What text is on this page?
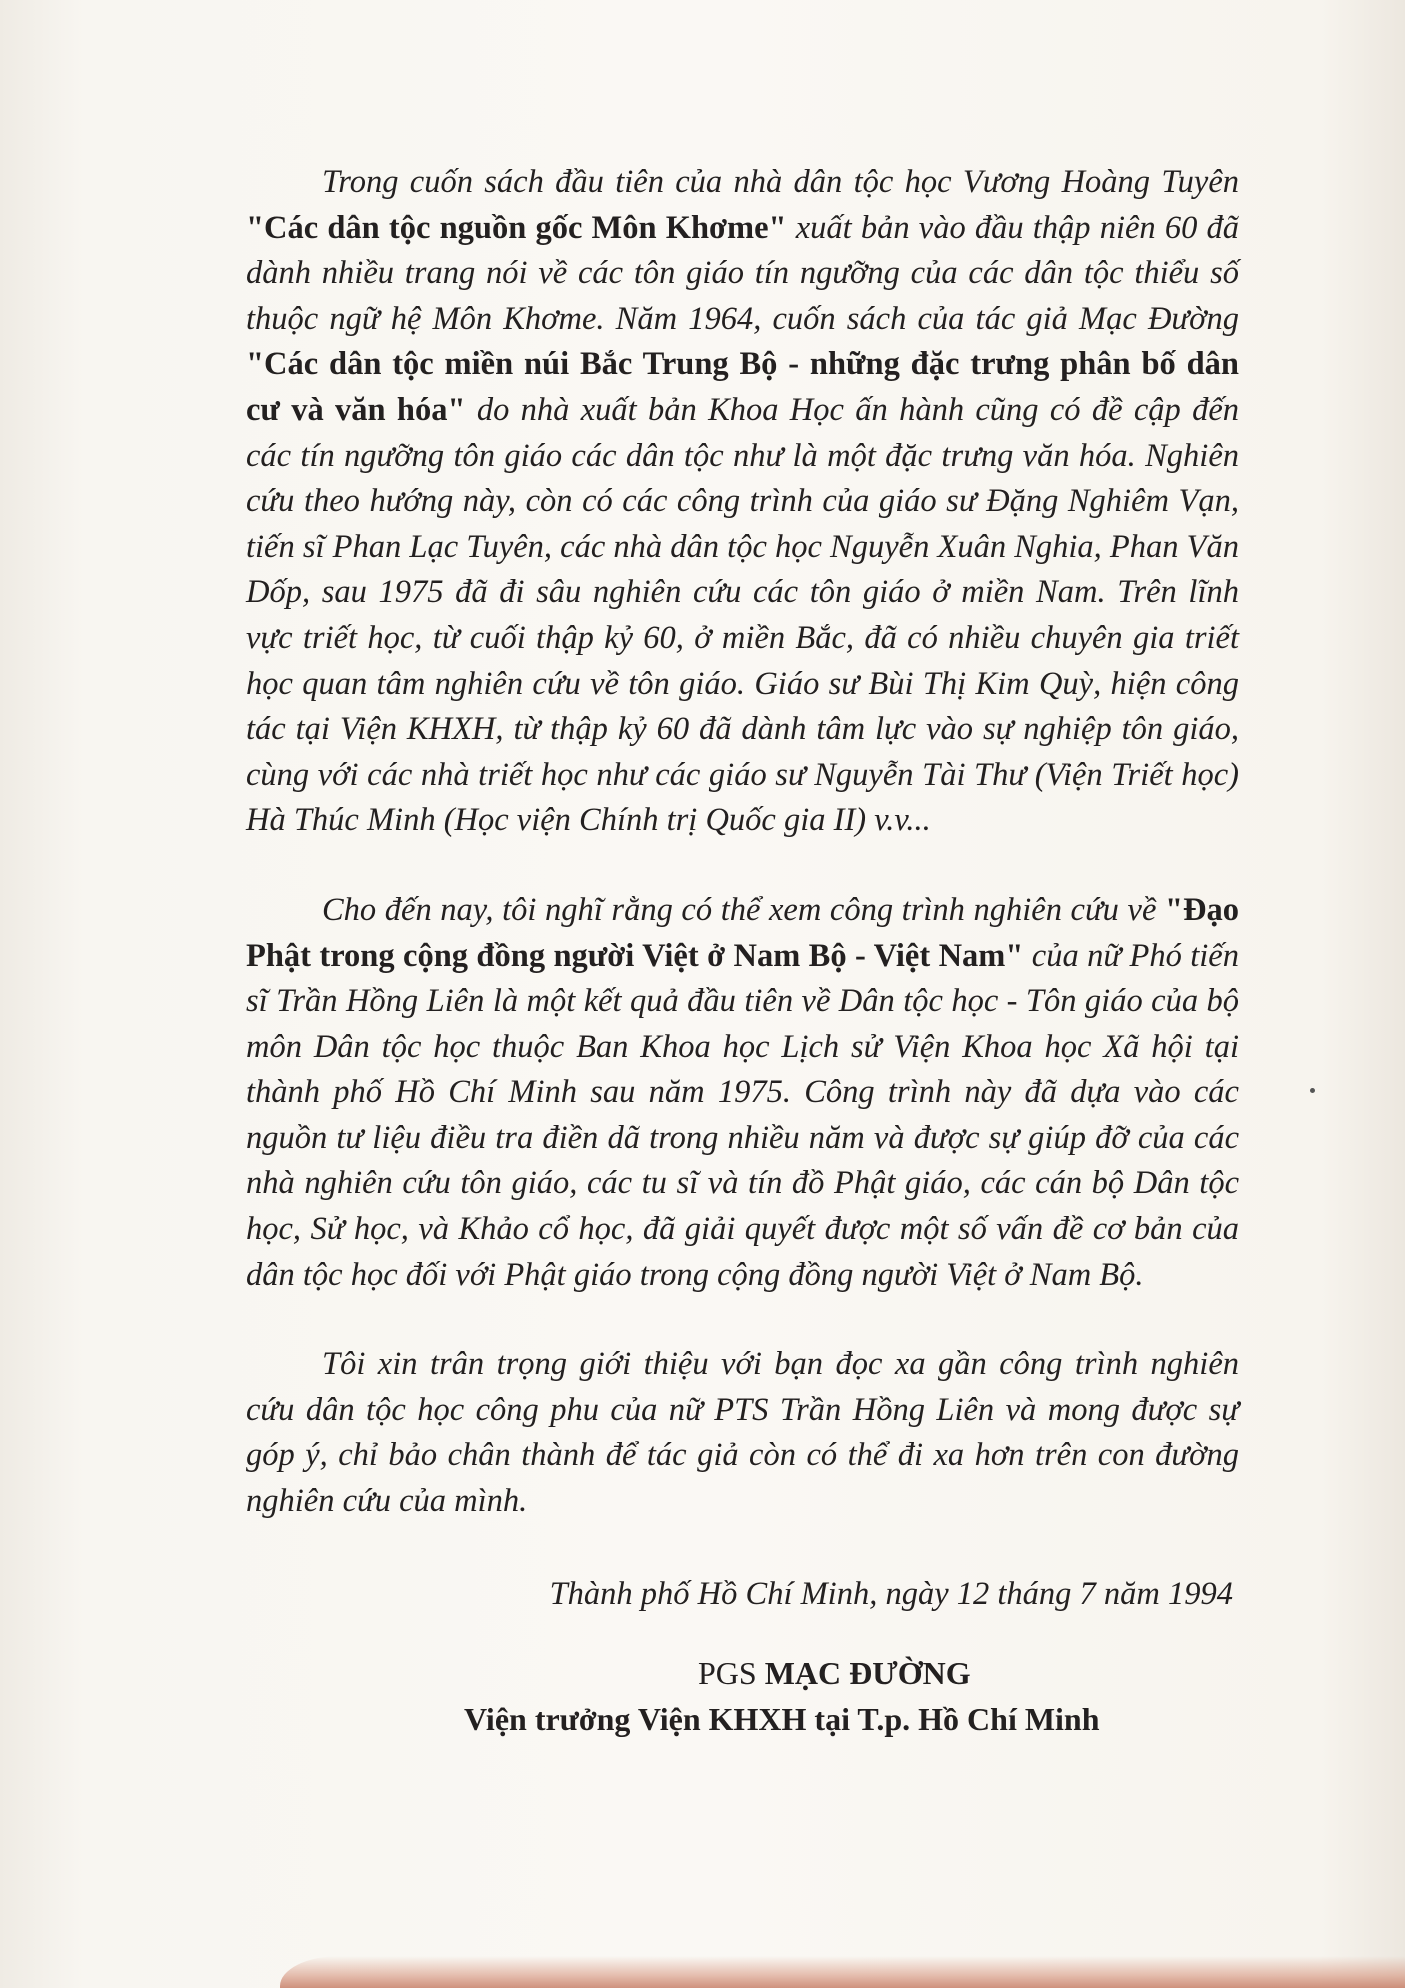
Trong cuốn sách đầu tiên của nhà dân tộc học Vương Hoàng Tuyên "Các dân tộc nguồn gốc Môn Khơme" xuất bản vào đầu thập niên 60 đã dành nhiều trang nói về các tôn giáo tín ngưỡng của các dân tộc thiểu số thuộc ngữ hệ Môn Khơme. Năm 1964, cuốn sách của tác giả Mạc Đường "Các dân tộc miền núi Bắc Trung Bộ - những đặc trưng phân bố dân cư và văn hóa" do nhà xuất bản Khoa Học ấn hành cũng có đề cập đến các tín ngưỡng tôn giáo các dân tộc như là một đặc trưng văn hóa. Nghiên cứu theo hướng này, còn có các công trình của giáo sư Đặng Nghiêm Vạn, tiến sĩ Phan Lạc Tuyên, các nhà dân tộc học Nguyễn Xuân Nghia, Phan Văn Dốp, sau 1975 đã đi sâu nghiên cứu các tôn giáo ở miền Nam. Trên lĩnh vực triết học, từ cuối thập kỷ 60, ở miền Bắc, đã có nhiều chuyên gia triết học quan tâm nghiên cứu về tôn giáo. Giáo sư Bùi Thị Kim Quỳ, hiện công tác tại Viện KHXH, từ thập kỷ 60 đã dành tâm lực vào sự nghiệp tôn giáo, cùng với các nhà triết học như các giáo sư Nguyễn Tài Thư (Viện Triết học) Hà Thúc Minh (Học viện Chính trị Quốc gia II) v.v...

Cho đến nay, tôi nghĩ rằng có thể xem công trình nghiên cứu về "Đạo Phật trong cộng đồng người Việt ở Nam Bộ - Việt Nam" của nữ Phó tiến sĩ Trần Hồng Liên là một kết quả đầu tiên về Dân tộc học - Tôn giáo của bộ môn Dân tộc học thuộc Ban Khoa học Lịch sử Viện Khoa học Xã hội tại thành phố Hồ Chí Minh sau năm 1975. Công trình này đã dựa vào các nguồn tư liệu điều tra điền dã trong nhiều năm và được sự giúp đỡ của các nhà nghiên cứu tôn giáo, các tu sĩ và tín đồ Phật giáo, các cán bộ Dân tộc học, Sử học, và Khảo cổ học, đã giải quyết được một số vấn đề cơ bản của dân tộc học đối với Phật giáo trong cộng đồng người Việt ở Nam Bộ.

Tôi xin trân trọng giới thiệu với bạn đọc xa gần công trình nghiên cứu dân tộc học công phu của nữ PTS Trần Hồng Liên và mong được sự góp ý, chỉ bảo chân thành để tác giả còn có thể đi xa hơn trên con đường nghiên cứu của mình.

Thành phố Hồ Chí Minh, ngày 12 tháng 7 năm 1994
PGS MẠC ĐƯỜNG
Viện trưởng Viện KHXH tại T.p. Hồ Chí Minh
